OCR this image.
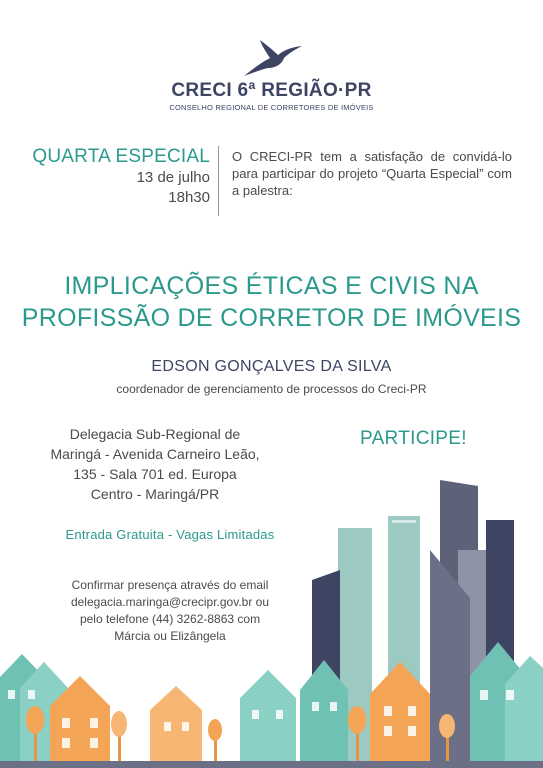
CRECI 6ª REGIÃO·PR
CONSELHO REGIONAL DE CORRETORES DE IMÓVEIS
QUARTA ESPECIAL
13 de julho
18h30
O CRECI-PR tem a satisfação de convidá-lo para participar do projeto “Quarta Especial” com a palestra:
IMPLICAÇÕES ÉTICAS E CIVIS NA
PROFISSÃO DE CORRETOR DE IMÓVEIS
EDSON GONÇALVES DA SILVA
coordenador de gerenciamento de processos do Creci-PR
Delegacia Sub-Regional de
Maringá - Avenida Carneiro Leão,
135 - Sala 701 ed. Europa
Centro - Maringá/PR
PARTICIPE!
Entrada Gratuita - Vagas Limitadas
Confirmar presença através do email
delegacia.maringa@crecipr.gov.br ou
pelo telefone (44) 3262-8863 com
Márcia ou Elizângela
